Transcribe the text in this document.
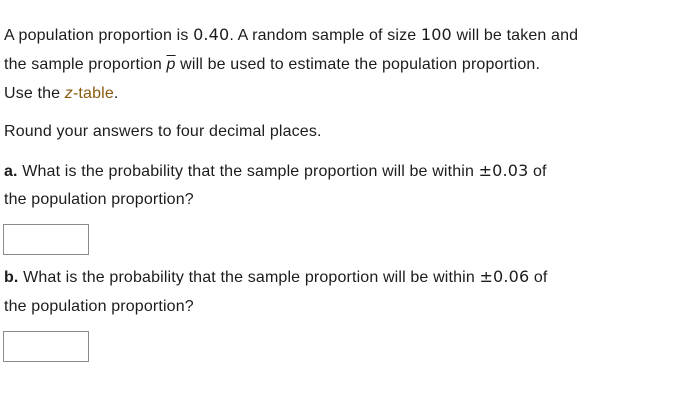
A population proportion is 0.40. A random sample of size 100 will be taken and
the sample proportion $\overline{p}$ will be used to estimate the population proportion.
Use the z-table.
Round your answers to four decimal places.
a. What is the probability that the sample proportion will be within ±0.03 of
the population proportion?
b. What is the probability that the sample proportion will be within ±0.06 of
the population proportion?
